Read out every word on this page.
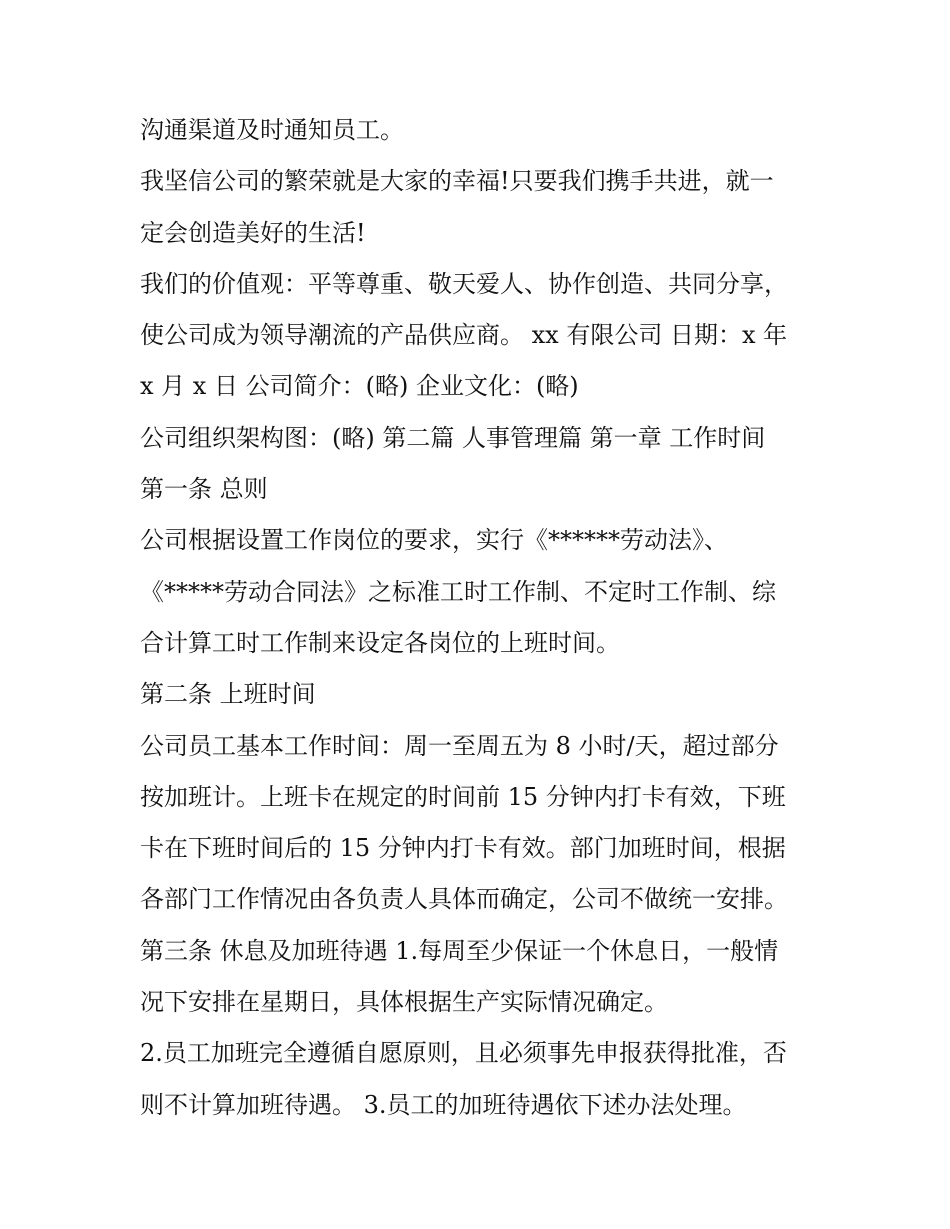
沟通渠道及时通知员工。
我坚信公司的繁荣就是大家的幸福!只要我们携手共进，就一
定会创造美好的生活!
我们的价值观：平等尊重、敬天爱人、协作创造、共同分享，
使公司成为领导潮流的产品供应商。 xx 有限公司 日期：x 年
x 月 x 日 公司简介：(略) 企业文化：(略)
公司组织架构图：(略) 第二篇 人事管理篇 第一章 工作时间
第一条 总则
公司根据设置工作岗位的要求，实行《******劳动法》、
《*****劳动合同法》之标准工时工作制、不定时工作制、综
合计算工时工作制来设定各岗位的上班时间。
第二条 上班时间
公司员工基本工作时间：周一至周五为 8 小时/天，超过部分
按加班计。上班卡在规定的时间前 15 分钟内打卡有效，下班
卡在下班时间后的 15 分钟内打卡有效。部门加班时间，根据
各部门工作情况由各负责人具体而确定，公司不做统一安排。
第三条 休息及加班待遇 1.每周至少保证一个休息日，一般情
况下安排在星期日，具体根据生产实际情况确定。
2.员工加班完全遵循自愿原则，且必须事先申报获得批准，否
则不计算加班待遇。 3.员工的加班待遇依下述办法处理。
